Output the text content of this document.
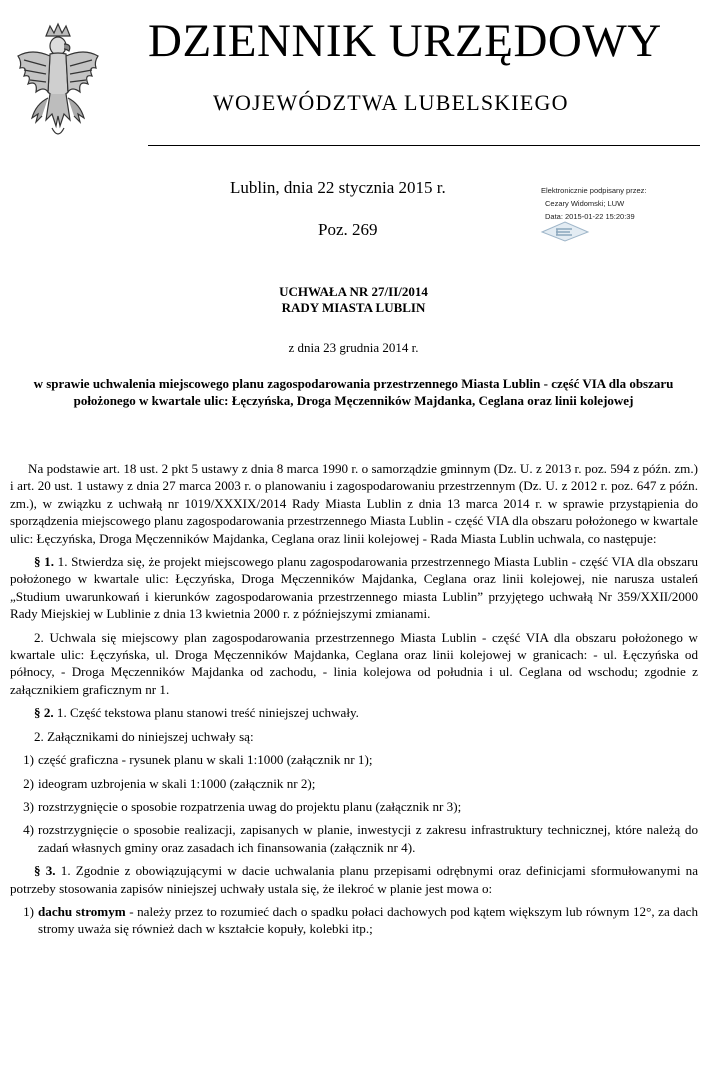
DZIENNIK URZĘDOWY
WOJEWÓDZTWA LUBELSKIEGO
Lublin, dnia 22 stycznia 2015 r.
Poz. 269
Elektronicznie podpisany przez:
Cezary Widomski; LUW
Data: 2015-01-22 15:20:39
UCHWAŁA NR 27/II/2014
RADY MIASTA LUBLIN
z dnia 23 grudnia 2014 r.
w sprawie uchwalenia miejscowego planu zagospodarowania przestrzennego Miasta Lublin - część VIA dla obszaru położonego w kwartale ulic: Łęczyńska, Droga Męczenników Majdanka, Ceglana oraz linii kolejowej

Na podstawie art. 18 ust. 2 pkt 5 ustawy z dnia 8 marca 1990 r. o samorządzie gminnym (Dz. U. z 2013 r. poz. 594 z późn. zm.) i art. 20 ust. 1 ustawy z dnia 27 marca 2003 r. o planowaniu i zagospodarowaniu przestrzennym (Dz. U. z 2012 r. poz. 647 z późn. zm.), w związku z uchwałą nr 1019/XXXIX/2014 Rady Miasta Lublin z dnia 13 marca 2014 r. w sprawie przystąpienia do sporządzenia miejscowego planu zagospodarowania przestrzennego Miasta Lublin - część VIA dla obszaru położonego w kwartale ulic: Łęczyńska, Droga Męczenników Majdanka, Ceglana oraz linii kolejowej - Rada Miasta Lublin uchwala, co następuje:

§ 1. 1. Stwierdza się, że projekt miejscowego planu zagospodarowania przestrzennego Miasta Lublin - część VIA dla obszaru położonego w kwartale ulic: Łęczyńska, Droga Męczenników Majdanka, Ceglana oraz linii kolejowej, nie narusza ustaleń „Studium uwarunkowań i kierunków zagospodarowania przestrzennego miasta Lublin” przyjętego uchwałą Nr 359/XXII/2000 Rady Miejskiej w Lublinie z dnia 13 kwietnia 2000 r. z późniejszymi zmianami.

2. Uchwala się miejscowy plan zagospodarowania przestrzennego Miasta Lublin - część VIA dla obszaru położonego w kwartale ulic: Łęczyńska, ul. Droga Męczenników Majdanka, Ceglana oraz linii kolejowej w granicach: - ul. Łęczyńska od północy, - Droga Męczenników Majdanka od zachodu, - linia kolejowa od południa i ul. Ceglana od wschodu; zgodnie z załącznikiem graficznym nr 1.

§ 2. 1. Część tekstowa planu stanowi treść niniejszej uchwały.

2. Załącznikami do niniejszej uchwały są:

1) część graficzna - rysunek planu w skali 1:1000 (załącznik nr 1);
2) ideogram uzbrojenia w skali 1:1000 (załącznik nr 2);
3) rozstrzygnięcie o sposobie rozpatrzenia uwag do projektu planu (załącznik nr 3);
4) rozstrzygnięcie o sposobie realizacji, zapisanych w planie, inwestycji z zakresu infrastruktury technicznej, które należą do zadań własnych gminy oraz zasadach ich finansowania (załącznik nr 4).

§ 3. 1. Zgodnie z obowiązującymi w dacie uchwalania planu przepisami odrębnymi oraz definicjami sformułowanymi na potrzeby stosowania zapisów niniejszej uchwały ustala się, że ilekroć w planie jest mowa o:

1) dachu stromym - należy przez to rozumieć dach o spadku połaci dachowych pod kątem większym lub równym 12°, za dach stromy uważa się również dach w kształcie kopuły, kolebki itp.;
